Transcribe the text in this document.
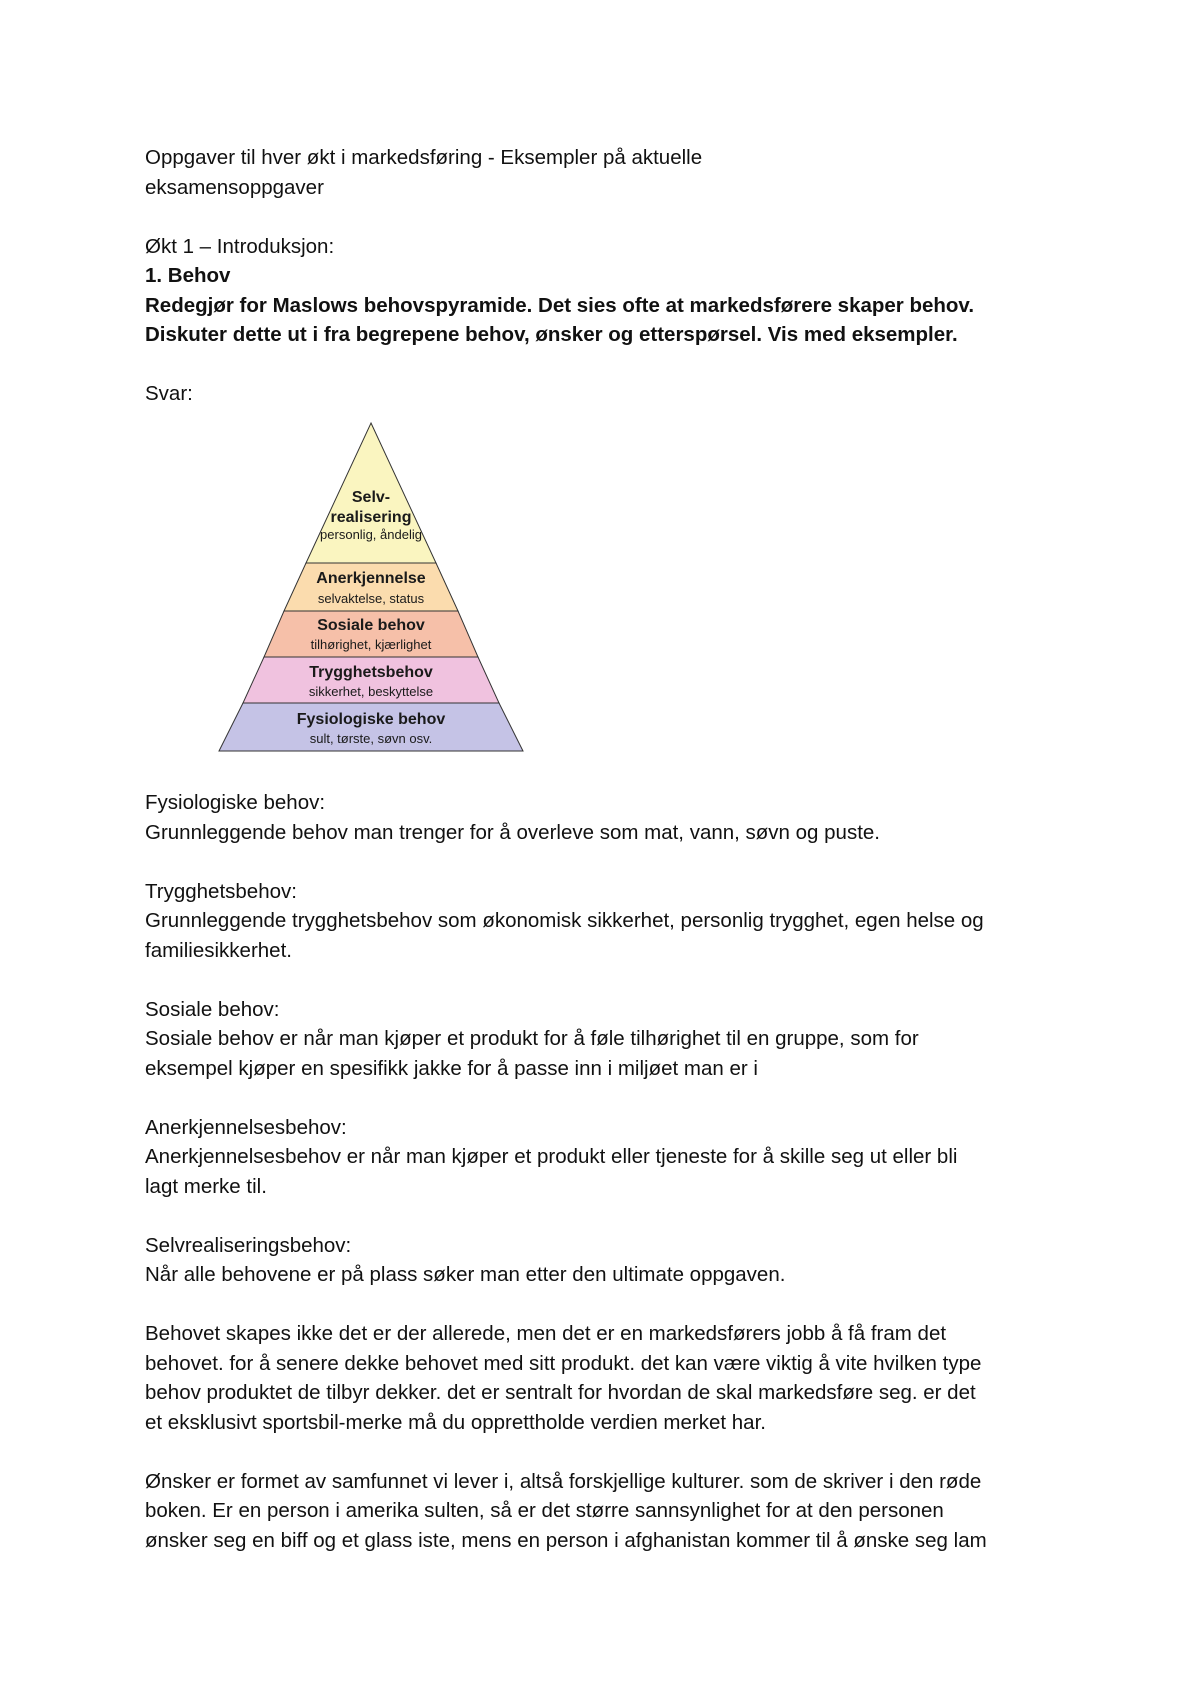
Oppgaver til hver økt i markedsføring - Eksempler på aktuelle

eksamensoppgaver

Økt 1 – Introduksjon:

1. Behov

Redegjør for Maslows behovspyramide. Det sies ofte at markedsførere skaper behov.

Diskuter dette ut i fra begrepene behov, ønsker og etterspørsel. Vis med eksempler.

Svar:

Selv-
realisering
personlig, åndelig
Anerkjennelse
selvaktelse, status
Sosiale behov
tilhørighet, kjærlighet
Trygghetsbehov
sikkerhet, beskyttelse
Fysiologiske behov
sult, tørste, søvn osv.

Fysiologiske behov:

Grunnleggende behov man trenger for å overleve som mat, vann, søvn og puste.

Trygghetsbehov:

Grunnleggende trygghetsbehov som økonomisk sikkerhet, personlig trygghet, egen helse og

familiesikkerhet.

Sosiale behov:

Sosiale behov er når man kjøper et produkt for å føle tilhørighet til en gruppe, som for

eksempel kjøper en spesifikk jakke for å passe inn i miljøet man er i

Anerkjennelsesbehov:

Anerkjennelsesbehov er når man kjøper et produkt eller tjeneste for å skille seg ut eller bli

lagt merke til.

Selvrealiseringsbehov:

Når alle behovene er på plass søker man etter den ultimate oppgaven.

Behovet skapes ikke det er der allerede, men det er en markedsførers jobb å få fram det

behovet. for å senere dekke behovet med sitt produkt. det kan være viktig å vite hvilken type

behov produktet de tilbyr dekker. det er sentralt for hvordan de skal markedsføre seg. er det

et eksklusivt sportsbil-merke må du opprettholde verdien merket har.

Ønsker er formet av samfunnet vi lever i, altså forskjellige kulturer. som de skriver i den røde

boken. Er en person i amerika sulten, så er det større sannsynlighet for at den personen

ønsker seg en biff og et glass iste, mens en person i afghanistan kommer til å ønske seg lam
